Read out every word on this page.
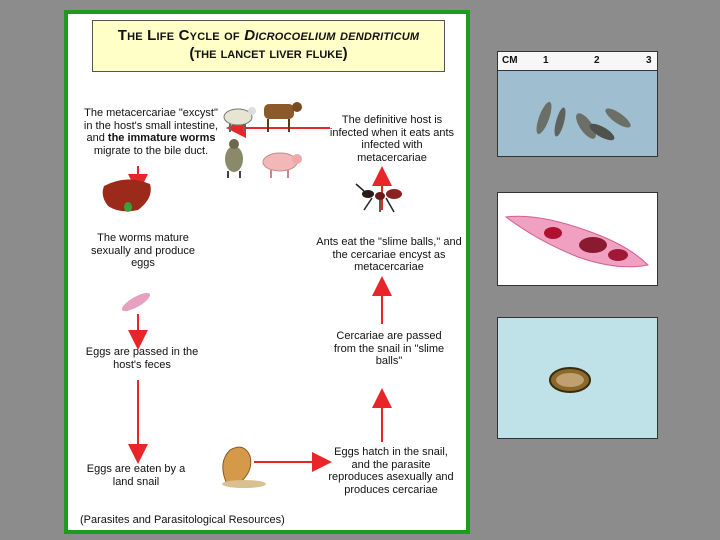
The Life Cycle of Dicrocoelium dendriticum
(the lancet liver fluke)
The metacercariae "excyst" in the host's small intestine, and the immature worms migrate to the bile duct.
The definitive host is infected when it eats ants infected with metacercariae
The worms mature sexually and produce eggs
Ants eat the "slime balls," and the cercariae encyst as metacercariae
Cercariae are passed from the snail in "slime balls"
Eggs are passed in the host's feces
Eggs hatch in the snail, and the parasite reproduces asexually and produces cercariae
Eggs are eaten by a land snail
(Parasites and Parasitological Resources)
CM	1	2	3
